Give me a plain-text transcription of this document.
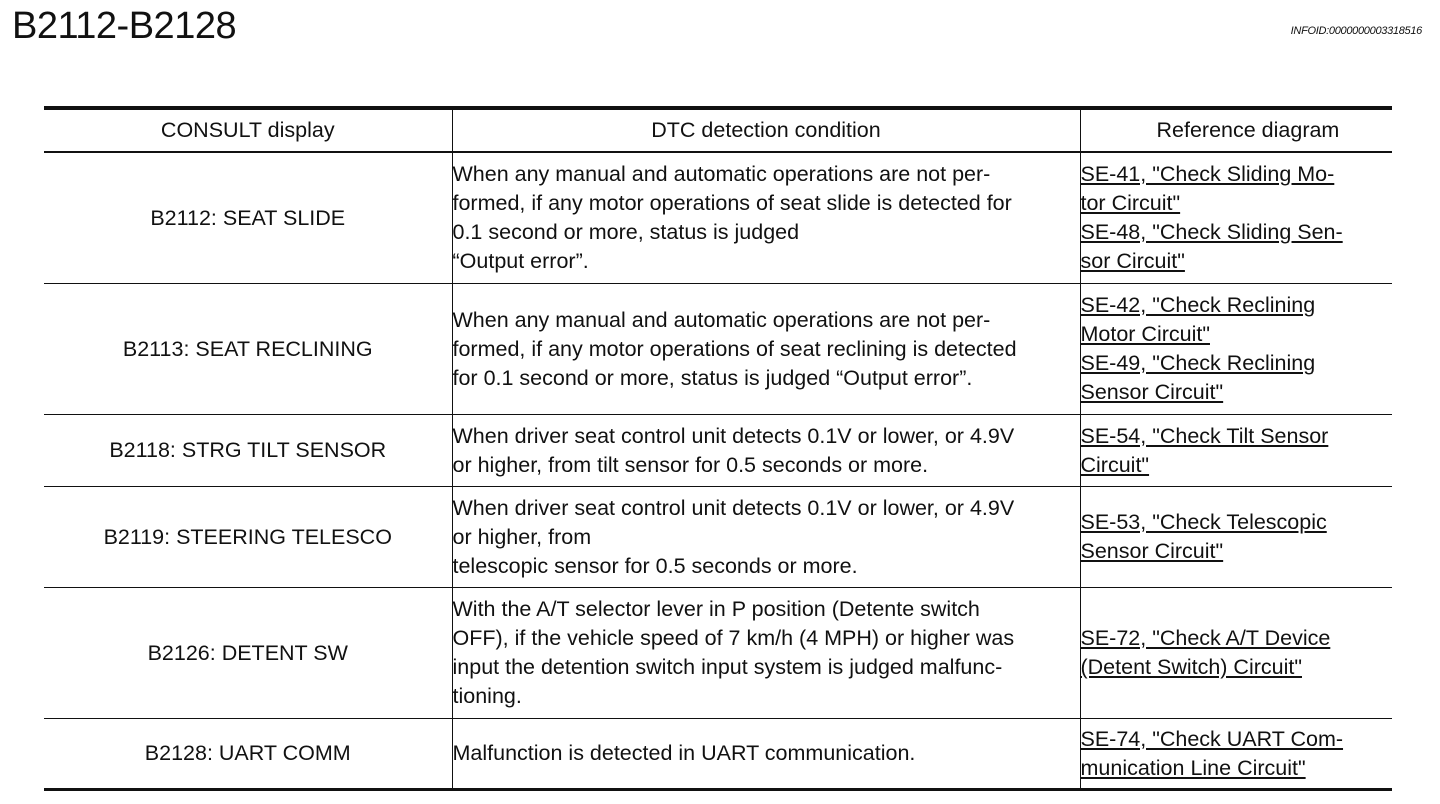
B2112-B2128	INFOID:0000000003318516
CONSULT display	DTC detection condition	Reference diagram
B2112: SEAT SLIDE	When any manual and automatic operations are not per-
formed, if any motor operations of seat slide is detected for
0.1 second or more, status is judged
“Output error”.	SE-41, "Check Sliding Mo-
tor Circuit"
SE-48, "Check Sliding Sen-
sor Circuit"

B2113: SEAT RECLINING	When any manual and automatic operations are not per-
formed, if any motor operations of seat reclining is detected
for 0.1 second or more, status is judged “Output error”.	SE-42, "Check Reclining
Motor Circuit"
SE-49, "Check Reclining
Sensor Circuit"

B2118: STRG TILT SENSOR	When driver seat control unit detects 0.1V or lower, or 4.9V
or higher, from tilt sensor for 0.5 seconds or more.	SE-54, "Check Tilt Sensor
Circuit"

B2119: STEERING TELESCO	When driver seat control unit detects 0.1V or lower, or 4.9V
or higher, from
telescopic sensor for 0.5 seconds or more.	SE-53, "Check Telescopic
Sensor Circuit"

B2126: DETENT SW	With the A/T selector lever in P position (Detente switch
OFF), if the vehicle speed of 7 km/h (4 MPH) or higher was
input the detention switch input system is judged malfunc-
tioning.	SE-72, "Check A/T Device
(Detent Switch) Circuit"

B2128: UART COMM	Malfunction is detected in UART communication.	SE-74, "Check UART Com-
munication Line Circuit"
